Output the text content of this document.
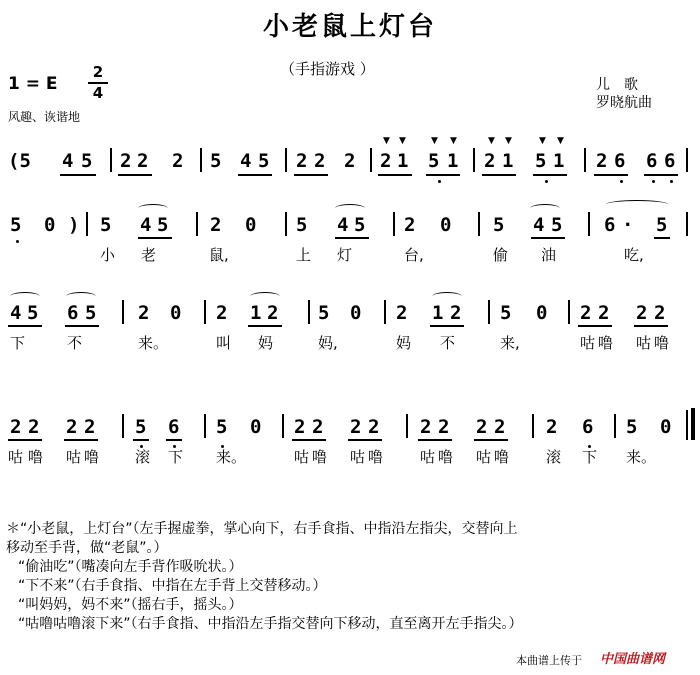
小老鼠上灯台
（手指游戏 ）
1 = E
2
4
风趣、诙谐地
儿　歌
罗晓航曲
(5 4 5 2 2 2 5 4 5 2 2 2
▼ ▼	▼ ▼
2 1 5 1
▼ ▼	▼ ▼
2 1 5 1 2 6 6 6
5 0 ) 5 4 5 2 0 5 4 5 2 0 5 4 5 6 · 5
小 老	鼠,	上 灯	台,	偷 油	吃,
4 5 6 5 2 0 2 1 2 5 0 2 1 2 5 0 2 2 2 2
下	不	来。	叫 妈	妈,	妈 不	来,	咕 噜 咕 噜
2 2 2 2 5 6 5 0 2 2 2 2 2 2 2 2 2 6 5 0
咕 噜 咕 噜 滚 下 来。	咕 噜 咕 噜 咕 噜 咕 噜 滚 下 来。
＊“小老鼠，上灯台”（左手握虚拳，掌心向下，右手食指、中指沿左指尖，交替向上
移动至手背，做“老鼠”。）
“偷油吃”（嘴凑向左手背作吸吮状。）
“下不来”（右手食指、中指在左手背上交替移动。）
“叫妈妈，妈不来”（摇右手，摇头。）
“咕噜咕噜滚下来”（右手食指、中指沿左手指交替向下移动，直至离开左手指尖。）
本曲谱上传于 中国曲谱网
